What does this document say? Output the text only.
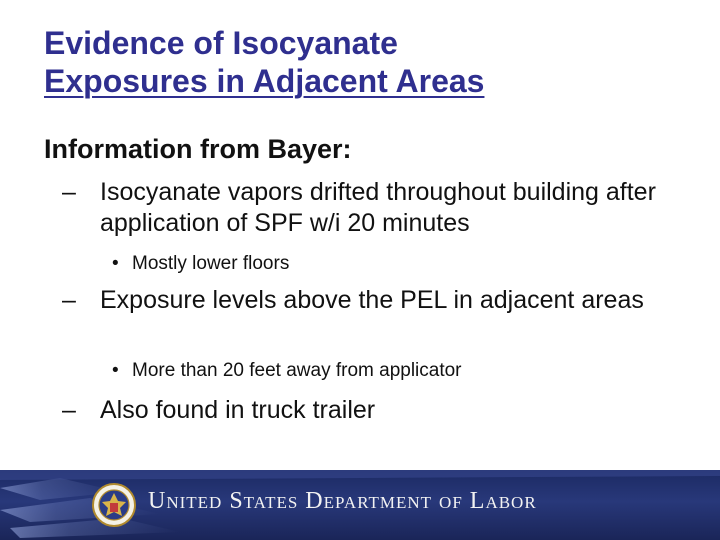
Evidence of Isocyanate
Exposures in Adjacent Areas
Information from Bayer:
– Isocyanate vapors drifted throughout building after application of SPF w/i 20 minutes
• Mostly lower floors
– Exposure levels above the PEL in adjacent areas
• More than 20 feet away from applicator
– Also found in truck trailer
United States Department of Labor
